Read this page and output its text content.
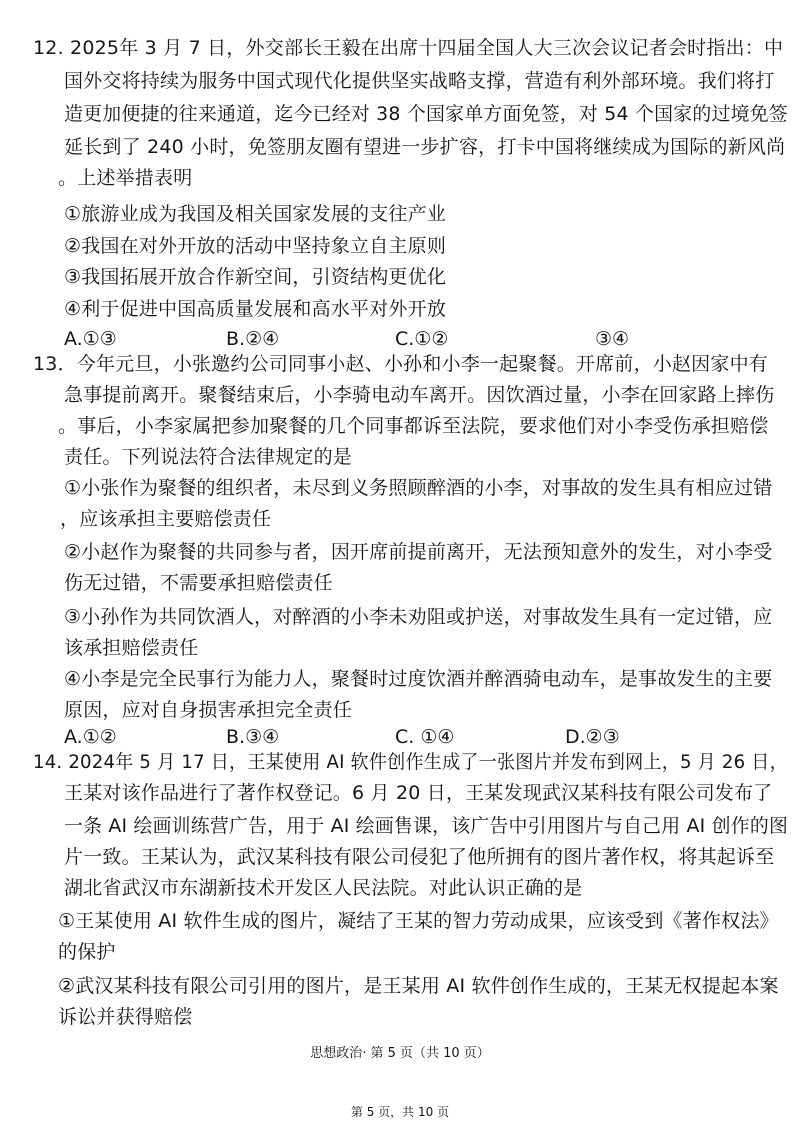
12. 2025年 3 月 7 日，外交部长王毅在出席十四届全国人大三次会议记者会时指出：中
国外交将持续为服务中国式现代化提供坚实战略支撑，营造有利外部环境。我们将打
造更加便捷的往来通道，迄今已经对 38 个国家单方面免签，对 54 个国家的过境免签
延长到了 240 小时，免签朋友圈有望进一步扩容，打卡中国将继续成为国际的新风尚
。上述举措表明
①旅游业成为我国及相关国家发展的支往产业
②我国在对外开放的活动中坚持象立自主原则
③我国拓展开放合作新空间，引资结构更优化
④利于促进中国高质量发展和高水平对外开放
A.①③	B.②④	C.①②	③④
13．今年元旦，小张邀约公司同事小赵、小孙和小李一起聚餐。开席前，小赵因家中有
急事提前离开。聚餐结束后，小李骑电动车离开。因饮酒过量，小李在回家路上摔伤
。事后，小李家属把参加聚餐的几个同事都诉至法院，要求他们对小李受伤承担赔偿
责任。下列说法符合法律规定的是
①小张作为聚餐的组织者，未尽到义务照顾醉酒的小李，对事故的发生具有相应过错
，应该承担主要赔偿责任
②小赵作为聚餐的共同参与者，因开席前提前离开，无法预知意外的发生，对小李受
伤无过错，不需要承担赔偿责任
③小孙作为共同饮酒人，对醉酒的小李未劝阻或护送，对事故发生具有一定过错，应
该承担赔偿责任
④小李是完全民事行为能力人，聚餐时过度饮酒并醉酒骑电动车，是事故发生的主要
原因，应对自身损害承担完全责任
A.①②	B.③④	C. ①④	D.②③
14. 2024年 5 月 17 日，王某使用 AI 软件创作生成了一张图片并发布到网上，5 月 26 日，
王某对该作品进行了著作权登记。6 月 20 日，王某发现武汉某科技有限公司发布了
一条 AI 绘画训练营广告，用于 AI 绘画售课，该广告中引用图片与自己用 AI 创作的图
片一致。王某认为，武汉某科技有限公司侵犯了他所拥有的图片著作权，将其起诉至
湖北省武汉市东湖新技术开发区人民法院。对此认识正确的是
①王某使用 AI 软件生成的图片，凝结了王某的智力劳动成果，应该受到《著作权法》
的保护
②武汉某科技有限公司引用的图片，是王某用 AI 软件创作生成的，王某无权提起本案
诉讼并获得赔偿
思想政治· 第 5 页（共 10 页）
第 5 页，共 10 页
